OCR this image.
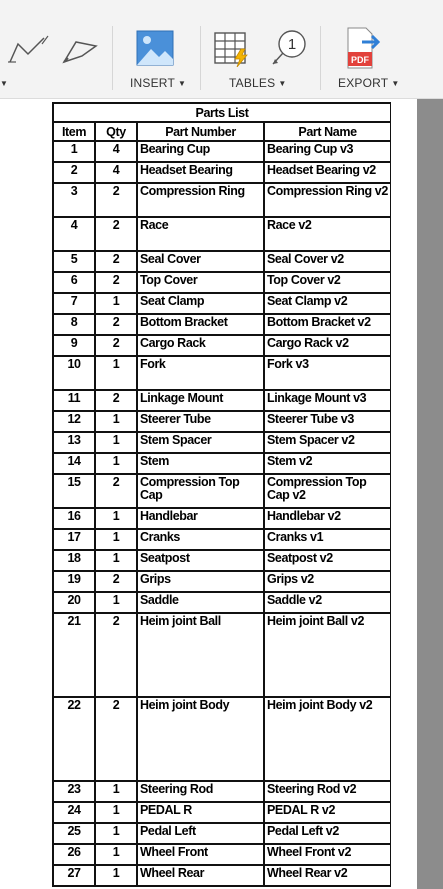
▼	INSERT ▼
1
TABLES ▼
PDF
EXPORT ▼
Parts List			
Item	Qty	Part Number	Part Name
1	4	Bearing Cup	Bearing Cup v3
2	4	Headset Bearing	Headset Bearing v2
3	2	Compression Ring	Compression Ring v2
4	2	Race	Race v2
5	2	Seal Cover	Seal Cover v2
6	2	Top Cover	Top Cover v2
7	1	Seat Clamp	Seat Clamp v2
8	2	Bottom Bracket	Bottom Bracket v2
9	2	Cargo Rack	Cargo Rack v2
10	1	Fork	Fork v3
11	2	Linkage Mount	Linkage Mount v3
12	1	Steerer Tube	Steerer Tube v3
13	1	Stem Spacer	Stem Spacer v2
14	1	Stem	Stem v2
15	2	Compression Top Cap	Compression Top Cap v2
16	1	Handlebar	Handlebar v2
17	1	Cranks	Cranks v1
18	1	Seatpost	Seatpost v2
19	2	Grips	Grips v2
20	1	Saddle	Saddle v2
21	2	Heim joint Ball	Heim joint Ball v2
22	2	Heim joint Body	Heim joint Body v2
23	1	Steering Rod	Steering Rod v2
24	1	PEDAL R	PEDAL R v2
25	1	Pedal Left	Pedal Left v2
26	1	Wheel Front	Wheel Front v2
27	1	Wheel Rear	Wheel Rear v2
